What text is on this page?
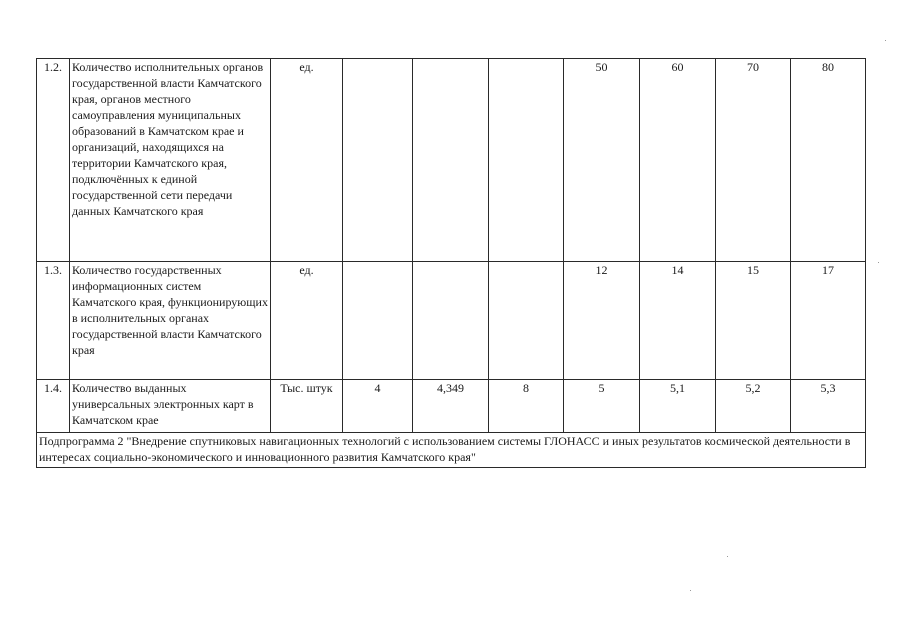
1.2.	Количество исполнительных органов государственной власти Камчатского края, органов местного самоуправления муниципальных образований в Камчатском крае и организаций, находящихся на территории Камчатского края, подключённых к единой государственной сети передачи данных Камчатского края	ед.				50	60	70	80
1.3.	Количество государственных информационных систем Камчатского края, функционирующих в исполнительных органах государственной власти Камчатского края	ед.				12	14	15	17
1.4.	Количество выданных универсальных электронных карт в Камчатском крае	Тыс. штук	4	4,349	8	5	5,1	5,2	5,3
Подпрограмма 2 "Внедрение спутниковых навигационных технологий с использованием системы ГЛОНАСС и иных результатов космической деятельности в интересах социально-экономического и инновационного развития Камчатского края"									
